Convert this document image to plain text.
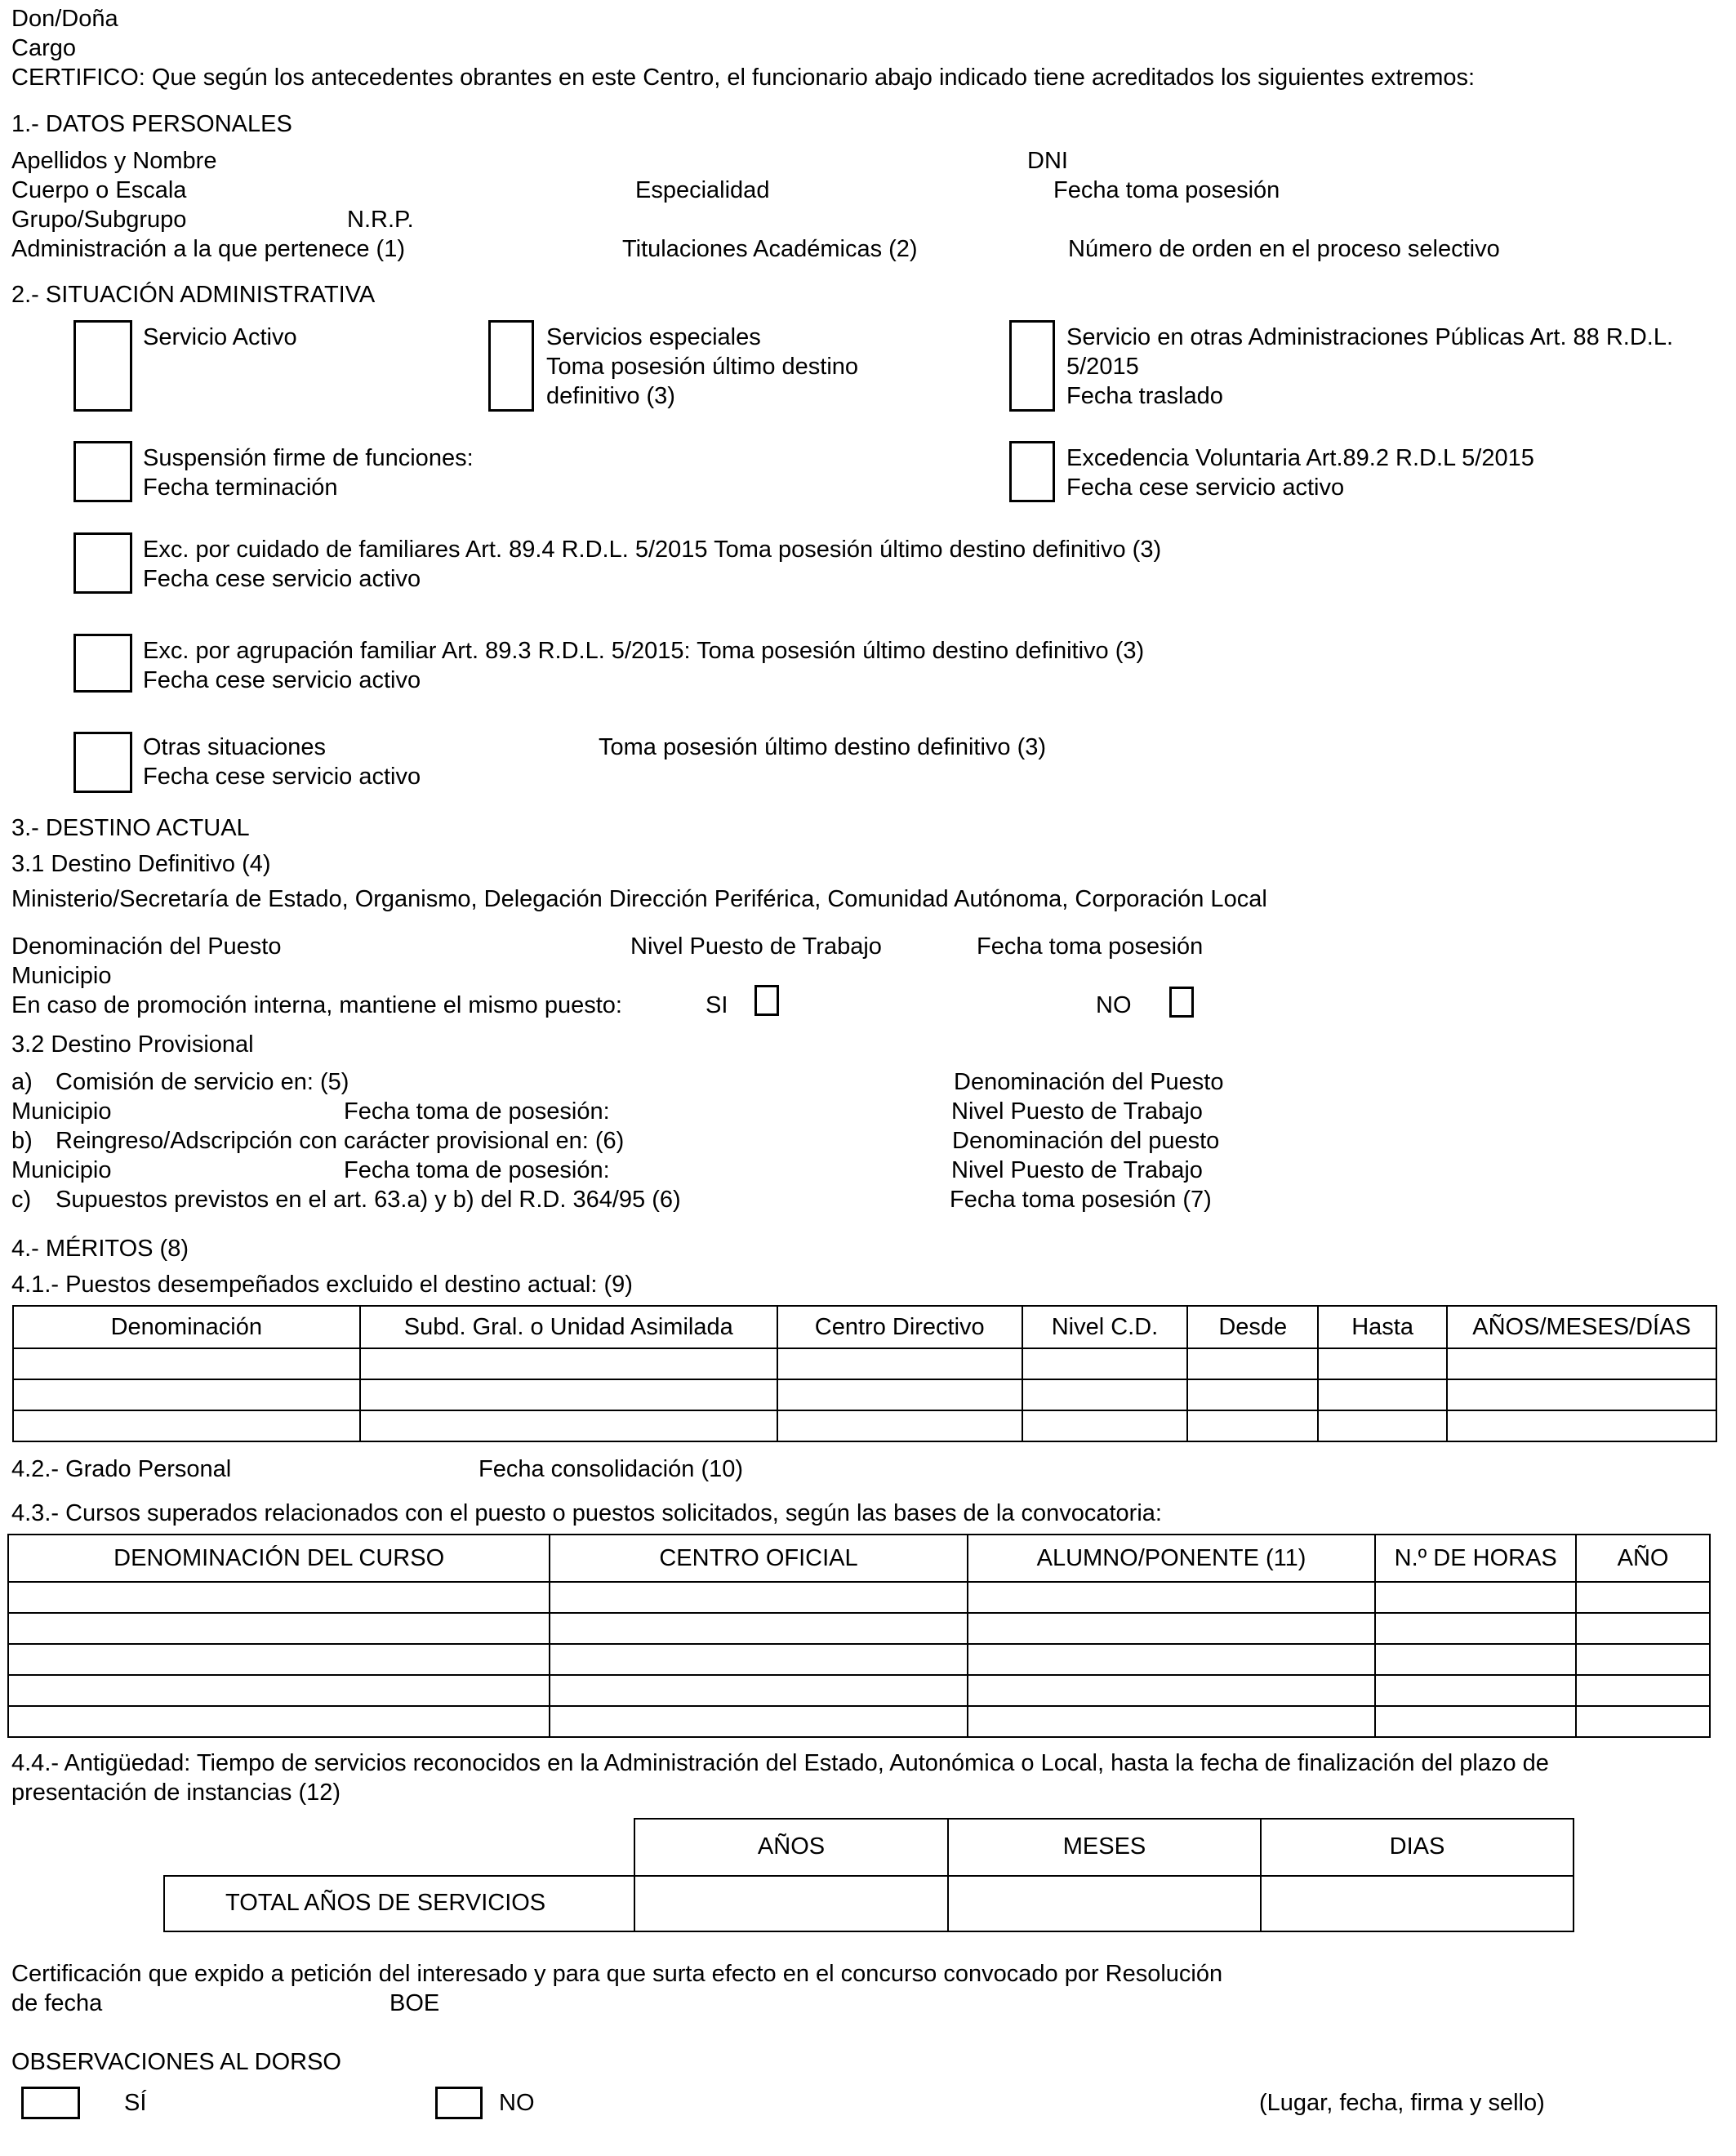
Don/Doña
Cargo
CERTIFICO: Que según los antecedentes obrantes en este Centro, el funcionario abajo indicado tiene acreditados los siguientes extremos:
1.- DATOS PERSONALES
Apellidos y Nombre	DNI
Cuerpo o Escala	Especialidad	Fecha toma posesión
Grupo/Subgrupo	N.R.P.
Administración a la que pertenece (1)	Titulaciones Académicas (2)	Número de orden en el proceso selectivo
2.- SITUACIÓN ADMINISTRATIVA
Servicio Activo	Servicios especiales
Toma posesión último destino
definitivo (3)
Servicio en otras Administraciones Públicas Art. 88 R.D.L.
5/2015
Fecha traslado
Suspensión firme de funciones:
Fecha terminación
Excedencia Voluntaria Art.89.2 R.D.L 5/2015
Fecha cese servicio activo
Exc. por cuidado de familiares Art. 89.4 R.D.L. 5/2015 Toma posesión último destino definitivo (3)
Fecha cese servicio activo
Exc. por agrupación familiar Art. 89.3 R.D.L. 5/2015: Toma posesión último destino definitivo (3)
Fecha cese servicio activo
Otras situaciones	Toma posesión último destino definitivo (3)
Fecha cese servicio activo
3.- DESTINO ACTUAL
3.1 Destino Definitivo (4)
Ministerio/Secretaría de Estado, Organismo, Delegación Dirección Periférica, Comunidad Autónoma, Corporación Local
Denominación del Puesto	Nivel Puesto de Trabajo	Fecha toma posesión
Municipio
En caso de promoción interna, mantiene el mismo puesto:	SI	NO
3.2 Destino Provisional
a) Comisión de servicio en: (5)	Denominación del Puesto
Municipio	Fecha toma de posesión:	Nivel Puesto de Trabajo
b) Reingreso/Adscripción con carácter provisional en: (6)	Denominación del puesto
Municipio	Fecha toma de posesión:	Nivel Puesto de Trabajo
c) Supuestos previstos en el art. 63.a) y b) del R.D. 364/95 (6)	Fecha toma posesión (7)
4.- MÉRITOS (8)
4.1.- Puestos desempeñados excluido el destino actual: (9)
Denominación	Subd. Gral. o Unidad Asimilada	Centro Directivo	Nivel C.D.	Desde	Hasta	AÑOS/MESES/DÍAS

4.2.- Grado Personal	Fecha consolidación (10)
4.3.- Cursos superados relacionados con el puesto o puestos solicitados, según las bases de la convocatoria:
DENOMINACIÓN DEL CURSO	CENTRO OFICIAL	ALUMNO/PONENTE (11)	N.º DE HORAS	AÑO

4.4.- Antigüedad: Tiempo de servicios reconocidos en la Administración del Estado, Autonómica o Local, hasta la fecha de finalización del plazo de
presentación de instancias (12)
AÑOS	MESES	DIAS
TOTAL AÑOS DE SERVICIOS
Certificación que expido a petición del interesado y para que surta efecto en el concurso convocado por Resolución
de fecha	BOE
OBSERVACIONES AL DORSO
SÍ	NO	(Lugar, fecha, firma y sello)
